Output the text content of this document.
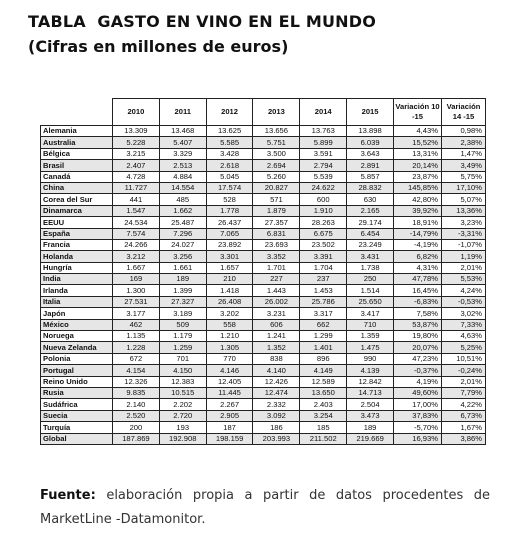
TABLA  GASTO EN VINO EN EL MUNDO
(Cifras en millones de euros)
	2010	2011	2012	2013	2014	2015	Variación 10 -15	Variación 14 -15
Alemania	13.309	13.468	13.625	13.656	13.763	13.898	4,43%	0,98%
Australia	5.228	5.407	5.585	5.751	5.899	6.039	15,52%	2,38%
Bélgica	3.215	3.329	3.428	3.500	3.591	3.643	13,31%	1,47%
Brasil	2.407	2.513	2.618	2.694	2.794	2.891	20,14%	3,49%
Canadá	4.728	4.884	5.045	5.260	5.539	5.857	23,87%	5,75%
China	11.727	14.554	17.574	20.827	24.622	28.832	145,85%	17,10%
Corea del Sur	441	485	528	571	600	630	42,80%	5,07%
Dinamarca	1.547	1.662	1.778	1.879	1.910	2.165	39,92%	13,36%
EEUU	24.534	25.487	26.437	27.357	28.263	29.174	18,91%	3,23%
España	7.574	7.296	7.065	6.831	6.675	6.454	-14,79%	-3,31%
Francia	24.266	24.027	23.892	23.693	23.502	23.249	-4,19%	-1,07%
Holanda	3.212	3.256	3.301	3.352	3.391	3.431	6,82%	1,19%
Hungría	1.667	1.661	1.657	1.701	1.704	1.738	4,31%	2,01%
India	169	189	210	227	237	250	47,78%	5,53%
Irlanda	1.300	1.399	1.418	1.443	1.453	1.514	16,45%	4,24%
Italia	27.531	27.327	26.408	26.002	25.786	25.650	-6,83%	-0,53%
Japón	3.177	3.189	3.202	3.231	3.317	3.417	7,58%	3,02%
México	462	509	558	606	662	710	53,87%	7,33%
Noruega	1.135	1.179	1.210	1.241	1.299	1.359	19,80%	4,63%
Nueva Zelanda	1.228	1.259	1.305	1.352	1.401	1.475	20,07%	5,25%
Polonia	672	701	770	838	896	990	47,23%	10,51%
Portugal	4.154	4.150	4.146	4.140	4.149	4.139	-0,37%	-0,24%
Reino Unido	12.326	12.383	12.405	12.426	12.589	12.842	4,19%	2,01%
Rusia	9.835	10.515	11.445	12.474	13.650	14.713	49,60%	7,79%
Sudáfrica	2.140	2.202	2.267	2.332	2.403	2.504	17,00%	4,22%
Suecia	2.520	2.720	2.905	3.092	3.254	3.473	37,83%	6,73%
Turquía	200	193	187	186	185	189	-5,70%	1,67%
Global	187.869	192.908	198.159	203.993	211.502	219.669	16,93%	3,86%
Fuente: elaboración propia a partir de datos procedentes de MarketLine -Datamonitor.
